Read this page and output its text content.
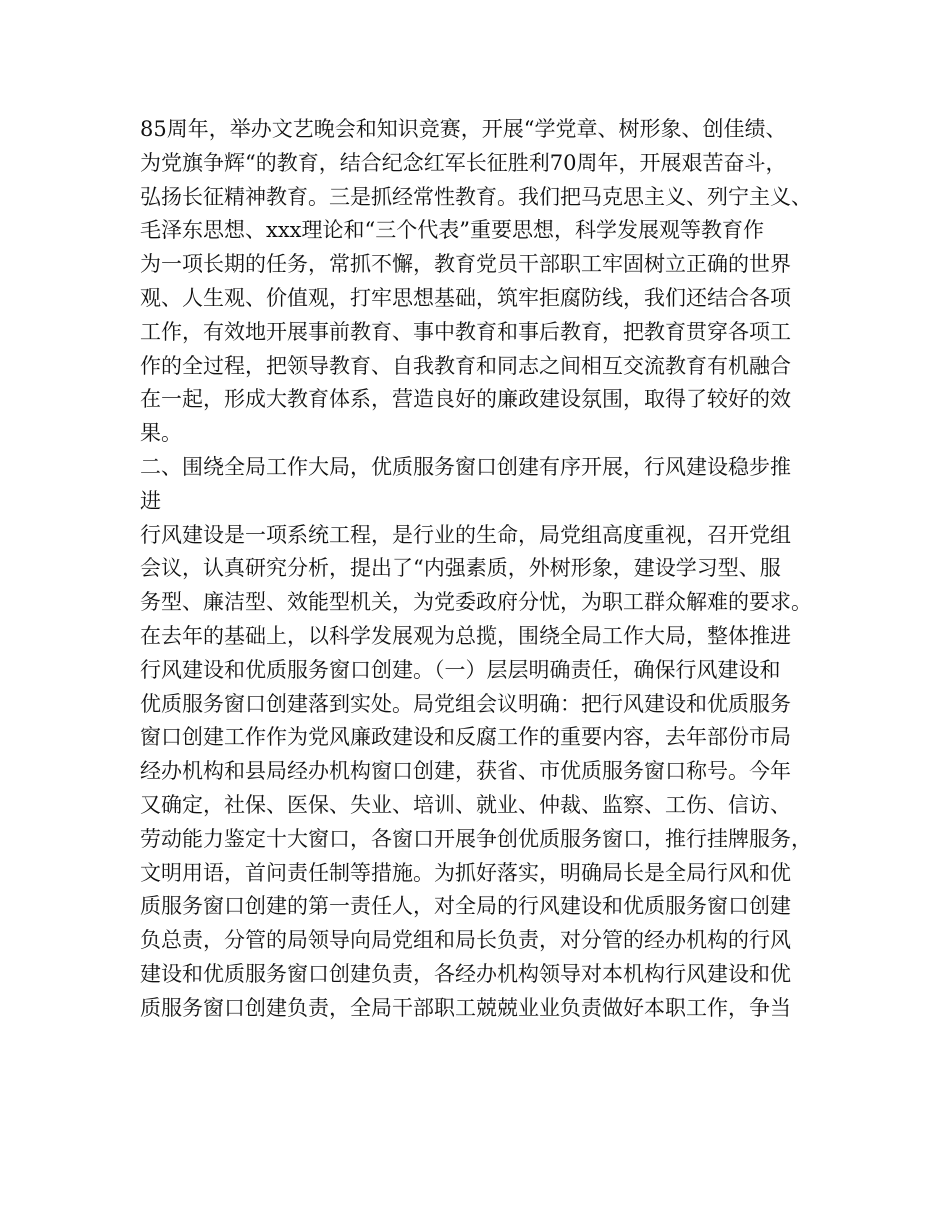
85周年，举办文艺晚会和知识竞赛，开展“学党章、树形象、创佳绩、
为党旗争辉“的教育，结合纪念红军长征胜利70周年，开展艰苦奋斗，
弘扬长征精神教育。三是抓经常性教育。我们把马克思主义、列宁主义、
毛泽东思想、xxx理论和“三个代表”重要思想，科学发展观等教育作
为一项长期的任务，常抓不懈，教育党员干部职工牢固树立正确的世界
观、人生观、价值观，打牢思想基础，筑牢拒腐防线，我们还结合各项
工作，有效地开展事前教育、事中教育和事后教育，把教育贯穿各项工
作的全过程，把领导教育、自我教育和同志之间相互交流教育有机融合
在一起，形成大教育体系，营造良好的廉政建设氛围，取得了较好的效
果。
二、围绕全局工作大局，优质服务窗口创建有序开展，行风建设稳步推
进
行风建设是一项系统工程，是行业的生命，局党组高度重视，召开党组
会议，认真研究分析，提出了“内强素质，外树形象，建设学习型、服
务型、廉洁型、效能型机关，为党委政府分忧，为职工群众解难的要求。
在去年的基础上，以科学发展观为总揽，围绕全局工作大局，整体推进
行风建设和优质服务窗口创建。（一）层层明确责任，确保行风建设和
优质服务窗口创建落到实处。局党组会议明确：把行风建设和优质服务
窗口创建工作作为党风廉政建设和反腐工作的重要内容，去年部份市局
经办机构和县局经办机构窗口创建，获省、市优质服务窗口称号。今年
又确定，社保、医保、失业、培训、就业、仲裁、监察、工伤、信访、
劳动能力鉴定十大窗口，各窗口开展争创优质服务窗口，推行挂牌服务，
文明用语，首问责任制等措施。为抓好落实，明确局长是全局行风和优
质服务窗口创建的第一责任人，对全局的行风建设和优质服务窗口创建
负总责，分管的局领导向局党组和局长负责，对分管的经办机构的行风
建设和优质服务窗口创建负责，各经办机构领导对本机构行风建设和优
质服务窗口创建负责，全局干部职工兢兢业业负责做好本职工作，争当
